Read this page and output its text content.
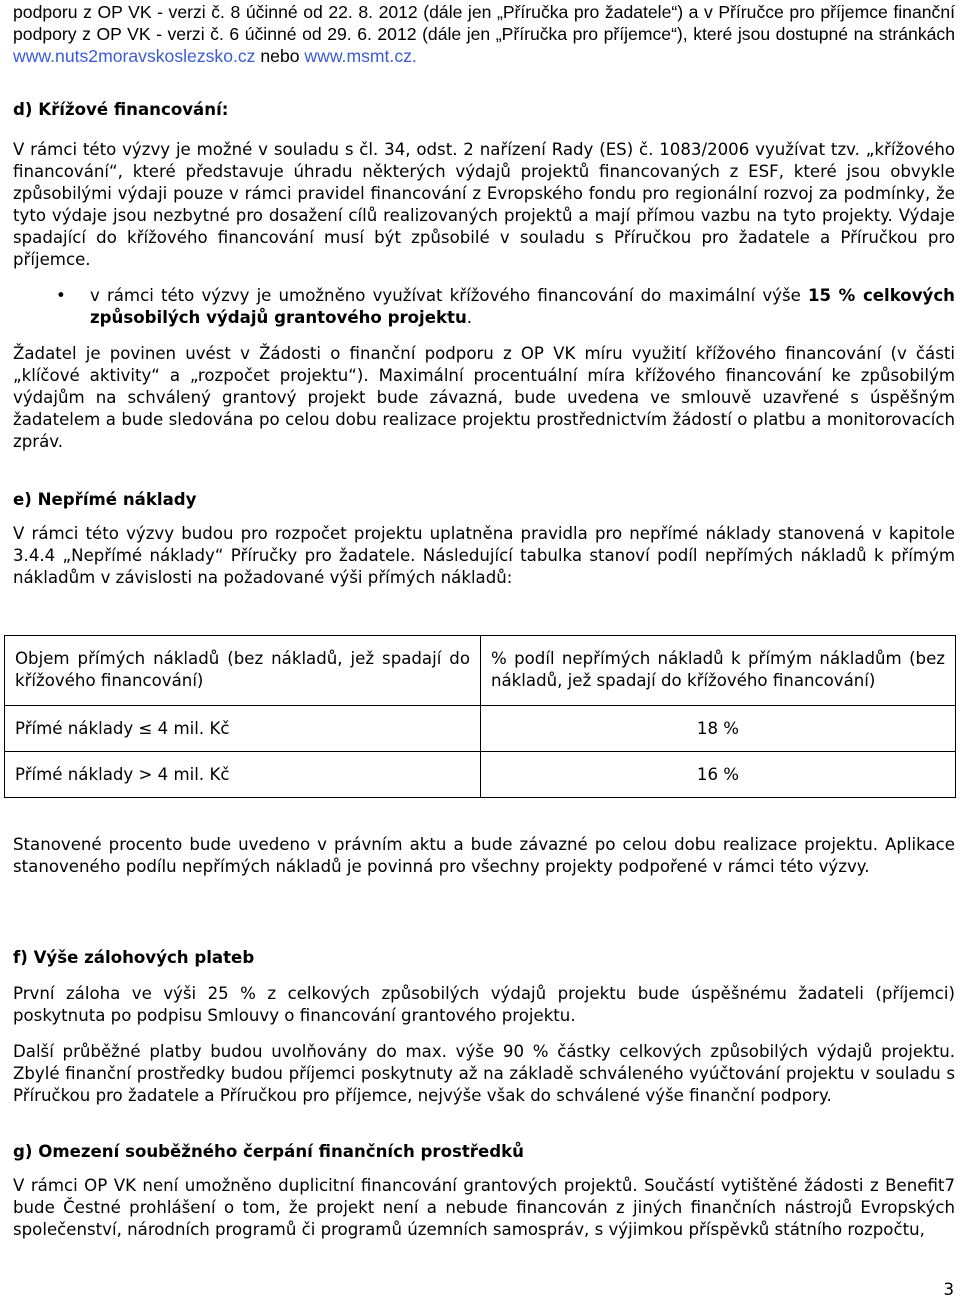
podporu z OP VK - verzi č. 8 účinné od 22. 8. 2012 (dále jen „Příručka pro žadatele“) a v Příručce pro příjemce finanční podpory z OP VK - verzi č. 6 účinné od 29. 6. 2012 (dále jen „Příručka pro příjemce“), které jsou dostupné na stránkách www.nuts2moravskoslezsko.cz nebo www.msmt.cz.

d) Křížové financování:

V rámci této výzvy je možné v souladu s čl. 34, odst. 2 nařízení Rady (ES) č. 1083/2006 využívat tzv. „křížového financování“, které představuje úhradu některých výdajů projektů financovaných z ESF, které jsou obvykle způsobilými výdaji pouze v rámci pravidel financování z Evropského fondu pro regionální rozvoj za podmínky, že tyto výdaje jsou nezbytné pro dosažení cílů realizovaných projektů a mají přímou vazbu na tyto projekty. Výdaje spadající do křížového financování musí být způsobilé v souladu s Příručkou pro žadatele a Příručkou pro příjemce.

• v rámci této výzvy je umožněno využívat křížového financování do maximální výše 15 % celkových způsobilých výdajů grantového projektu.

Žadatel je povinen uvést v Žádosti o finanční podporu z OP VK míru využití křížového financování (v části „klíčové aktivity“ a „rozpočet projektu“). Maximální procentuální míra křížového financování ke způsobilým výdajům na schválený grantový projekt bude závazná, bude uvedena ve smlouvě uzavřené s úspěšným žadatelem a bude sledována po celou dobu realizace projektu prostřednictvím žádostí o platbu a monitorovacích zpráv.

e) Nepřímé náklady

V rámci této výzvy budou pro rozpočet projektu uplatněna pravidla pro nepřímé náklady stanovená v kapitole 3.4.4 „Nepřímé náklady“ Příručky pro žadatele. Následující tabulka stanoví podíl nepřímých nákladů k přímým nákladům v závislosti na požadované výši přímých nákladů:

Stanovené procento bude uvedeno v právním aktu a bude závazné po celou dobu realizace projektu. Aplikace stanoveného podílu nepřímých nákladů je povinná pro všechny projekty podpořené v rámci této výzvy.

f) Výše zálohových plateb

První záloha ve výši 25 % z celkových způsobilých výdajů projektu bude úspěšnému žadateli (příjemci) poskytnuta po podpisu Smlouvy o financování grantového projektu.

Další průběžné platby budou uvolňovány do max. výše 90 % částky celkových způsobilých výdajů projektu. Zbylé finanční prostředky budou příjemci poskytnuty až na základě schváleného vyúčtování projektu v souladu s Příručkou pro žadatele a Příručkou pro příjemce, nejvýše však do schválené výše finanční podpory.

g) Omezení souběžného čerpání finančních prostředků

V rámci OP VK není umožněno duplicitní financování grantových projektů. Součástí vytištěné žádosti z Benefit7 bude Čestné prohlášení o tom, že projekt není a nebude financován z jiných finančních nástrojů Evropských společenství, národních programů či programů územních samospráv, s výjimkou příspěvků státního rozpočtu,

Objem přímých nákladů (bez nákladů, jež spadají do křížového financování)	% podíl nepřímých nákladů k přímým nákladům (bez nákladů, jež spadají do křížového financování)
Přímé náklady ≤ 4 mil. Kč	18 %
Přímé náklady > 4 mil. Kč	16 %
3
